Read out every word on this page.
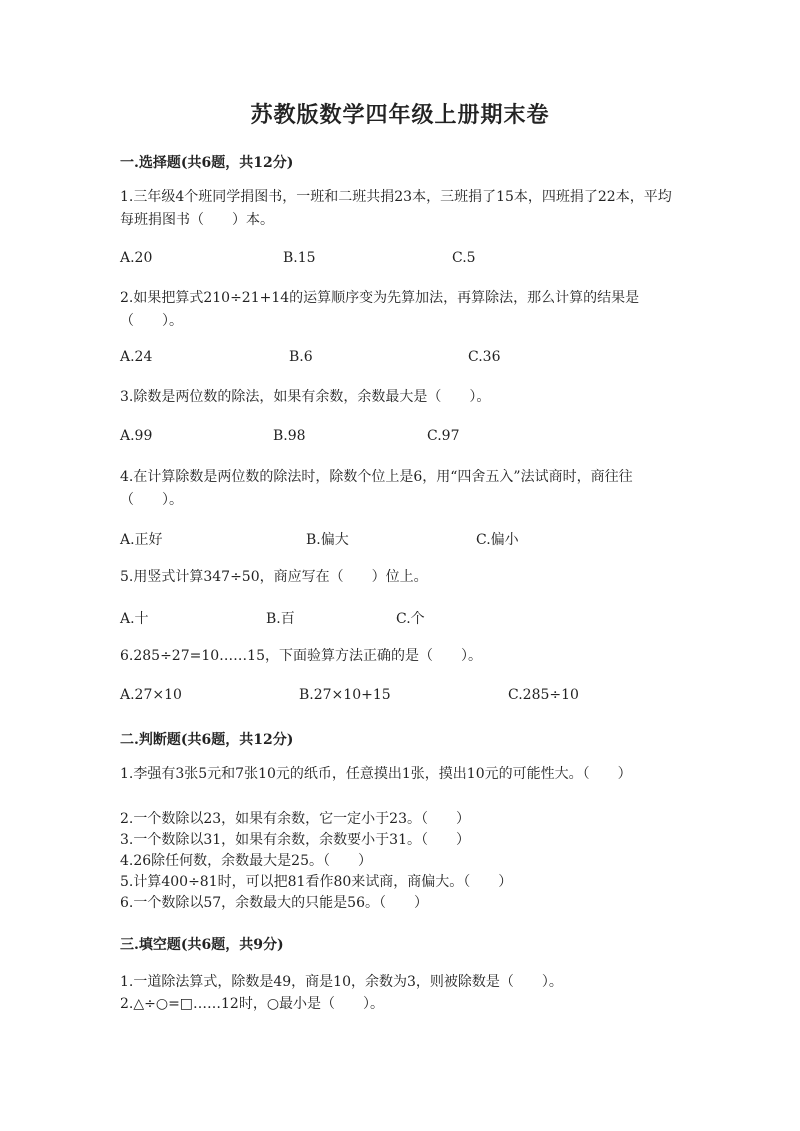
苏教版数学四年级上册期末卷
一.选择题(共6题，共12分)
1.三年级4个班同学捐图书，一班和二班共捐23本，三班捐了15本，四班捐了22本，平均每班捐图书（　　）本。
A.20	B.15	C.5
2.如果把算式210÷21+14的运算顺序变为先算加法，再算除法，那么计算的结果是（　　）。
A.24	B.6	C.36
3.除数是两位数的除法，如果有余数，余数最大是（　　）。
A.99	B.98	C.97
4.在计算除数是两位数的除法时，除数个位上是6，用“四舍五入”法试商时，商往往（　　）。
A.正好	B.偏大	C.偏小
5.用竖式计算347÷50，商应写在（　　）位上。
A.十	B.百	C.个
6.285÷27=10……15，下面验算方法正确的是（　　）。
A.27×10	B.27×10+15	C.285÷10
二.判断题(共6题，共12分)
1.李强有3张5元和7张10元的纸币，任意摸出1张，摸出10元的可能性大。（　　）
2.一个数除以23，如果有余数，它一定小于23。（　　）
3.一个数除以31，如果有余数，余数要小于31。（　　）
4.26除任何数，余数最大是25。（　　）
5.计算400÷81时，可以把81看作80来试商，商偏大。（　　）
6.一个数除以57，余数最大的只能是56。（　　）
三.填空题(共6题，共9分)
1.一道除法算式，除数是49，商是10，余数为3，则被除数是（　　）。
2.△÷○=□……12时，○最小是（　　）。
